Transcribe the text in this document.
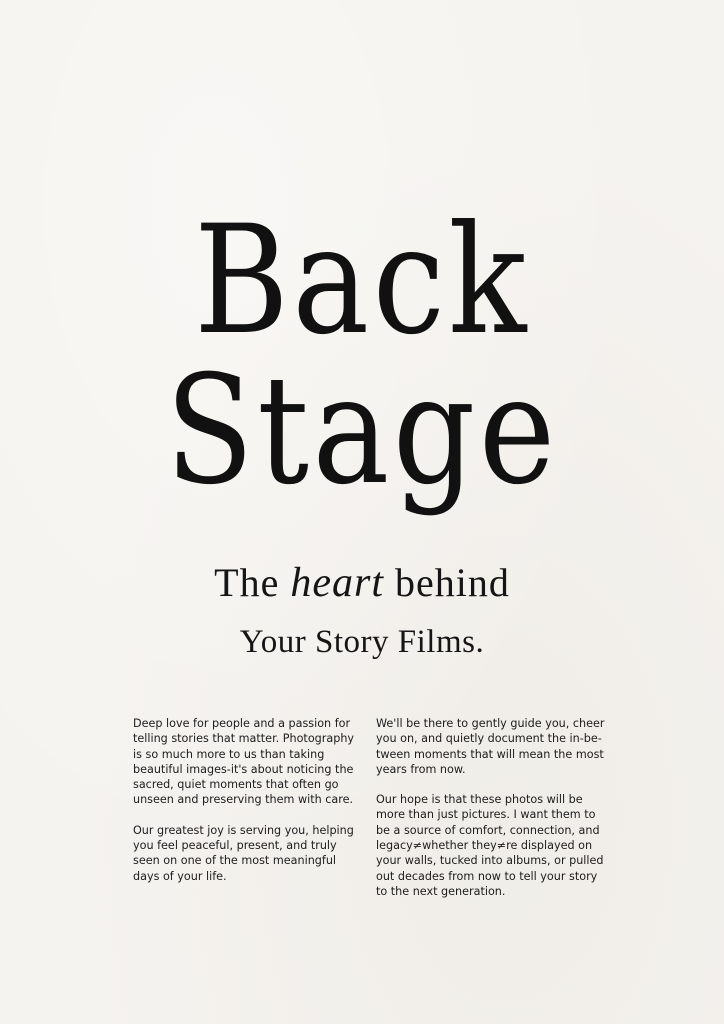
Back
Stage
The heart behind
Your Story Films.

Deep love for people and a passion for telling stories that matter. Photography is so much more to us than taking beautiful images-it's about noticing the sacred, quiet moments that often go unseen and preserving them with care.

Our greatest joy is serving you, helping you feel peaceful, present, and truly seen on one of the most meaningful days of your life.

We'll be there to gently guide you, cheer you on, and quietly document the in-be-tween moments that will mean the most years from now.

Our hope is that these photos will be more than just pictures. I want them to be a source of comfort, connection, and legacy≠whether they≠re displayed on your walls, tucked into albums, or pulled out decades from now to tell your story to the next generation.
